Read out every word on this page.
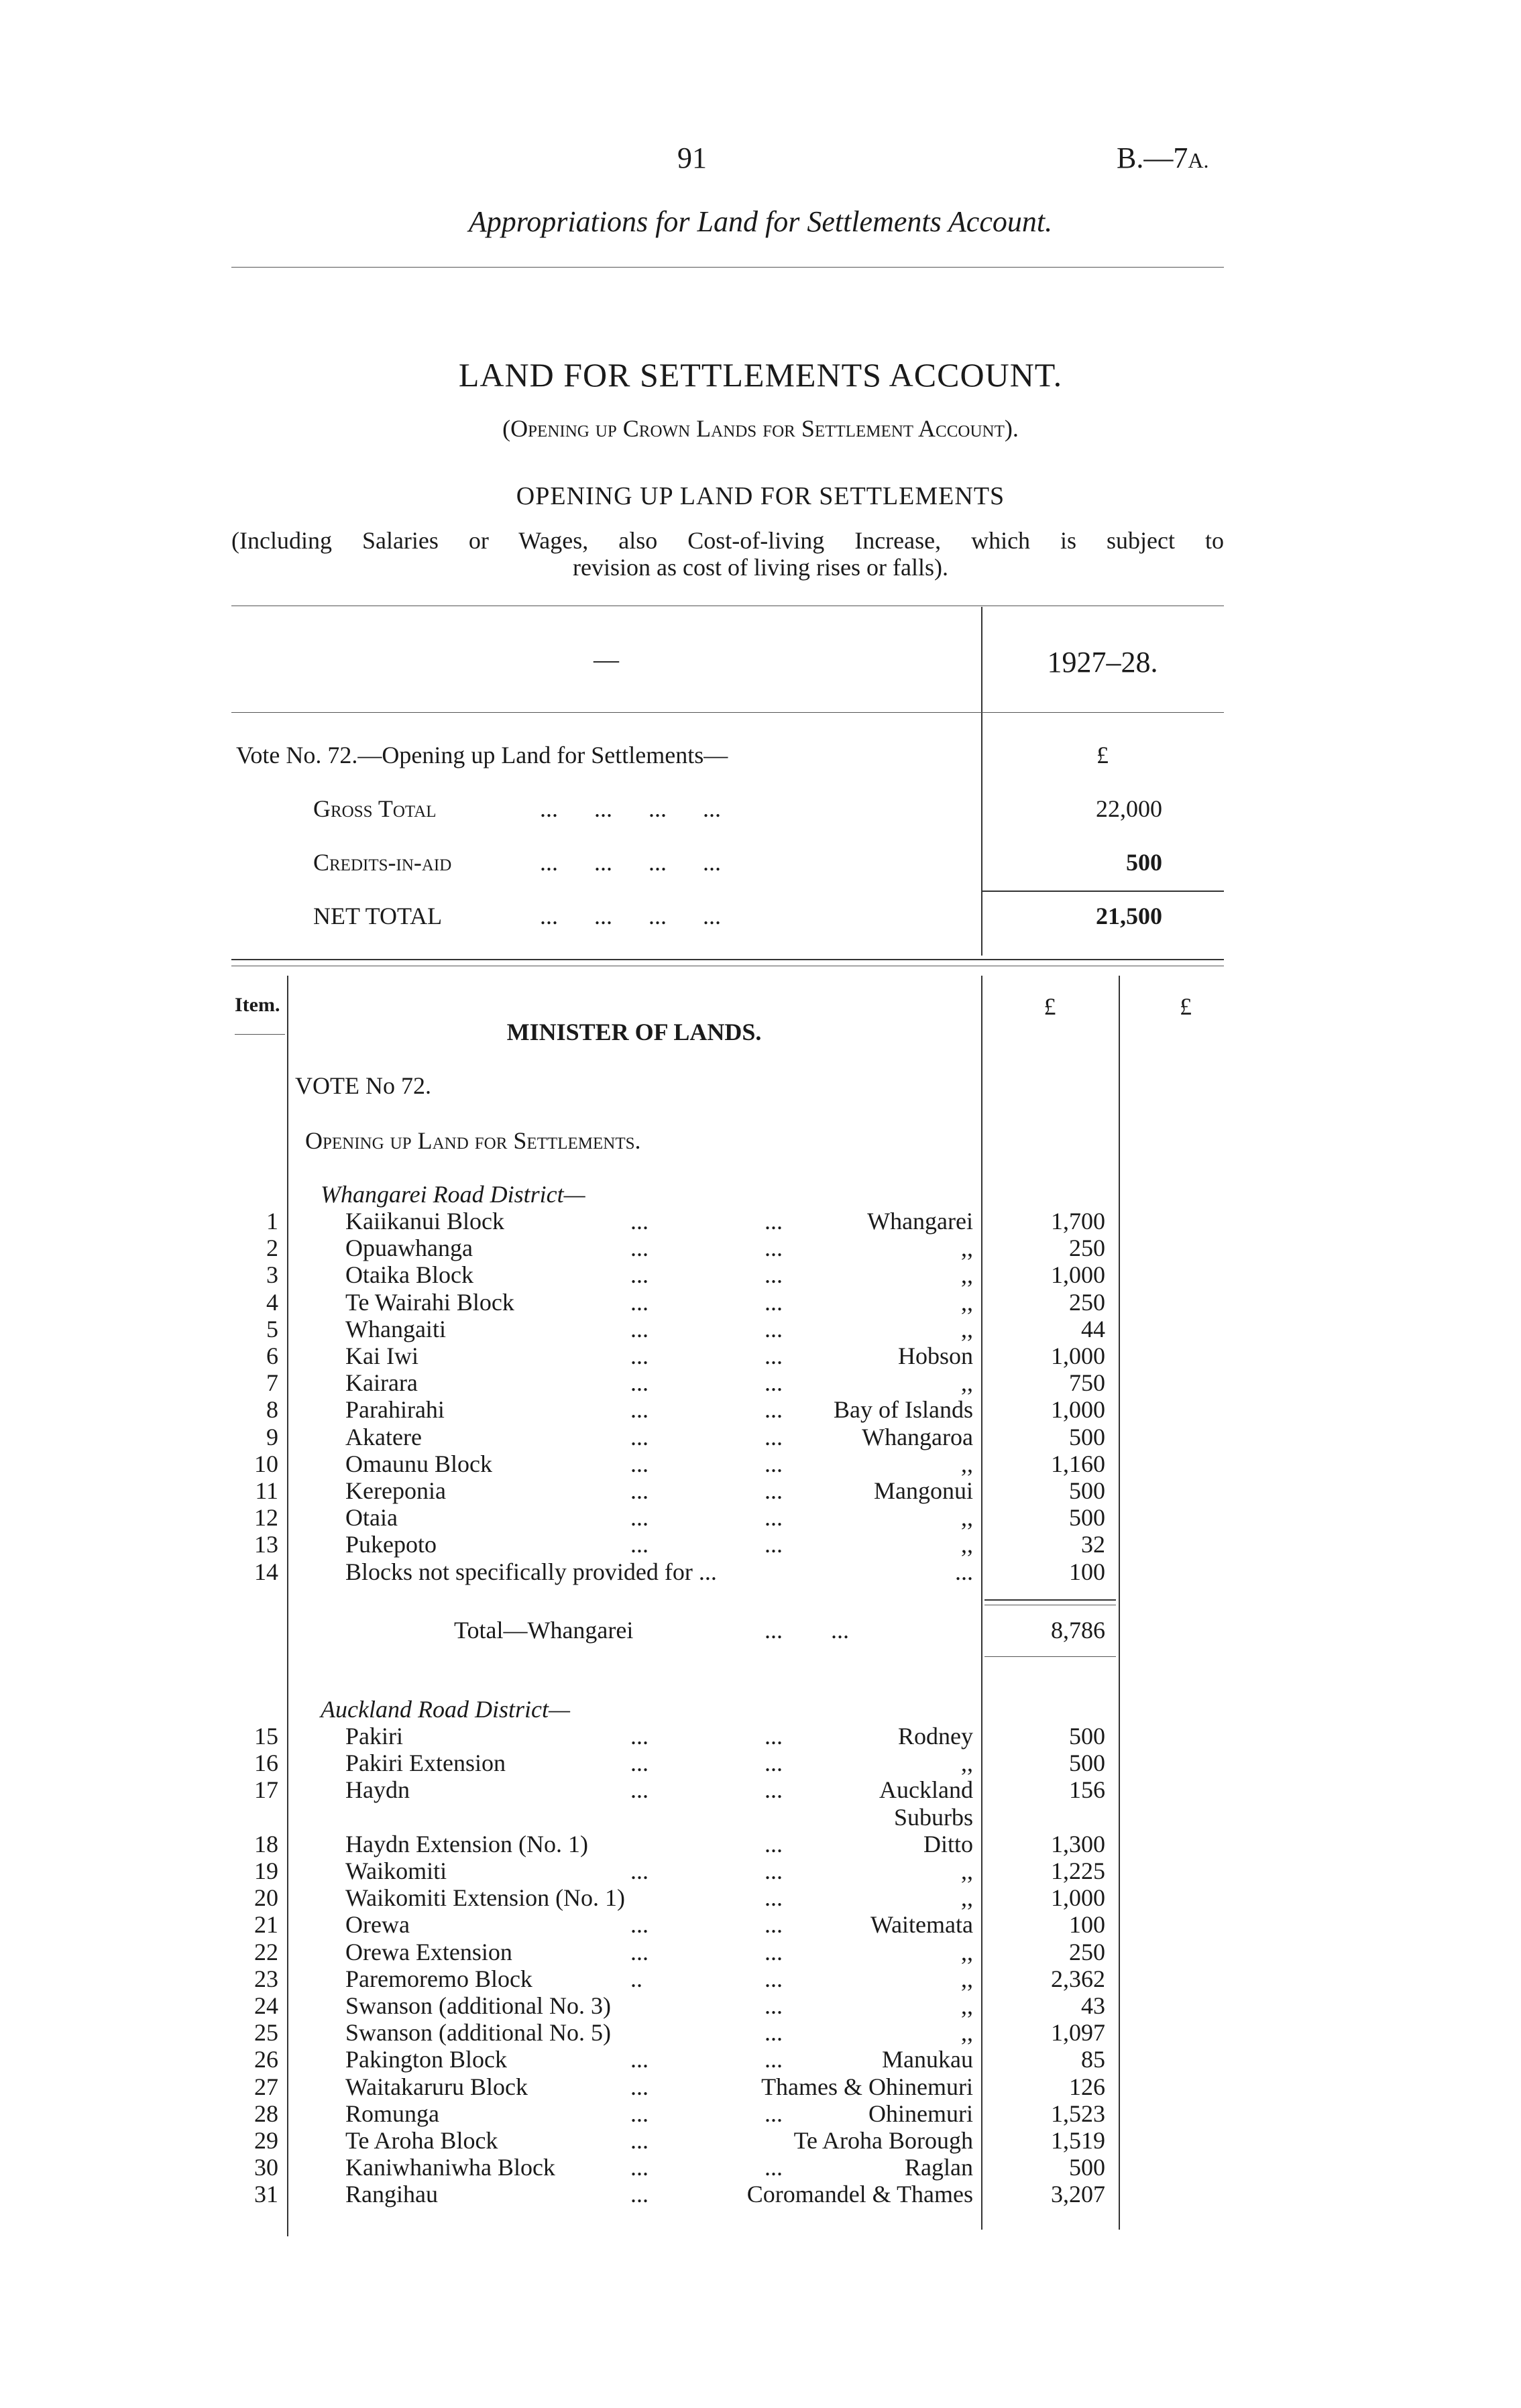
91	B.—7A.
Appropriations for Land for Settlements Account.
LAND FOR SETTLEMENTS ACCOUNT.
(Opening up Crown Lands for Settlement Account).
OPENING UP LAND FOR SETTLEMENTS
(Including Salaries or Wages, also Cost-of-living Increase, which is subject to
revision as cost of living rises or falls).
—	1927–28.
Vote No. 72.—Opening up Land for Settlements—	£
Gross Total	...      ...      ...      ...	22,000
Credits-in-aid	...      ...      ...      ...	500
NET TOTAL	...      ...      ...      ...	21,500
Item.	£	£
MINISTER OF LANDS.
VOTE No 72.
Opening up Land for Settlements.
Whangarei Road District—
1	Kaiikanui Block	...	...	Whangarei	1,700
2	Opuawhanga	...	...	,,	250
3	Otaika Block	...	...	,,	1,000
4	Te Wairahi Block	...	...	,,	250
5	Whangaiti	...	...	,,	44
6	Kai Iwi	...	...	Hobson	1,000
7	Kairara	...	...	,,	750
8	Parahirahi	...	... Bay of Islands	1,000
9	Akatere	...	...	Whangaroa	500
10	Omaunu Block	...	...	,,	1,160
11	Kereponia	...	...	Mangonui	500
12	Otaia	...	...	,,	500
13	Pukepoto	...	...	,,	32
14	Blocks not specifically provided for ...	...	100
Total—Whangarei	...        ...	8,786
Auckland Road District—
15	Pakiri	...	...	Rodney	500
16	Pakiri Extension	...	...	,,	500
17	Haydn	...	...	Auckland	156
Suburbs
18	Haydn Extension (No. 1)	...	Ditto	1,300
19	Waikomiti	...	...	,,	1,225
20	Waikomiti Extension (No. 1)	...	,,	1,000
21	Orewa	...	...	Waitemata	100
22	Orewa Extension	...	...	,,	250
23	Paremoremo Block	..	...	,,	2,362
24	Swanson (additional No. 3)	...	,,	43
25	Swanson (additional No. 5)	...	,,	1,097
26	Pakington Block	...	...	Manukau	85
27	Waitakaruru Block	...	Thames & Ohinemuri	126
28	Romunga	...	...	Ohinemuri	1,523
29	Te Aroha Block	...	Te Aroha Borough	1,519
30	Kaniwhaniwha Block	...	...	Raglan	500
31	Rangihau	...	Coromandel & Thames	3,207
